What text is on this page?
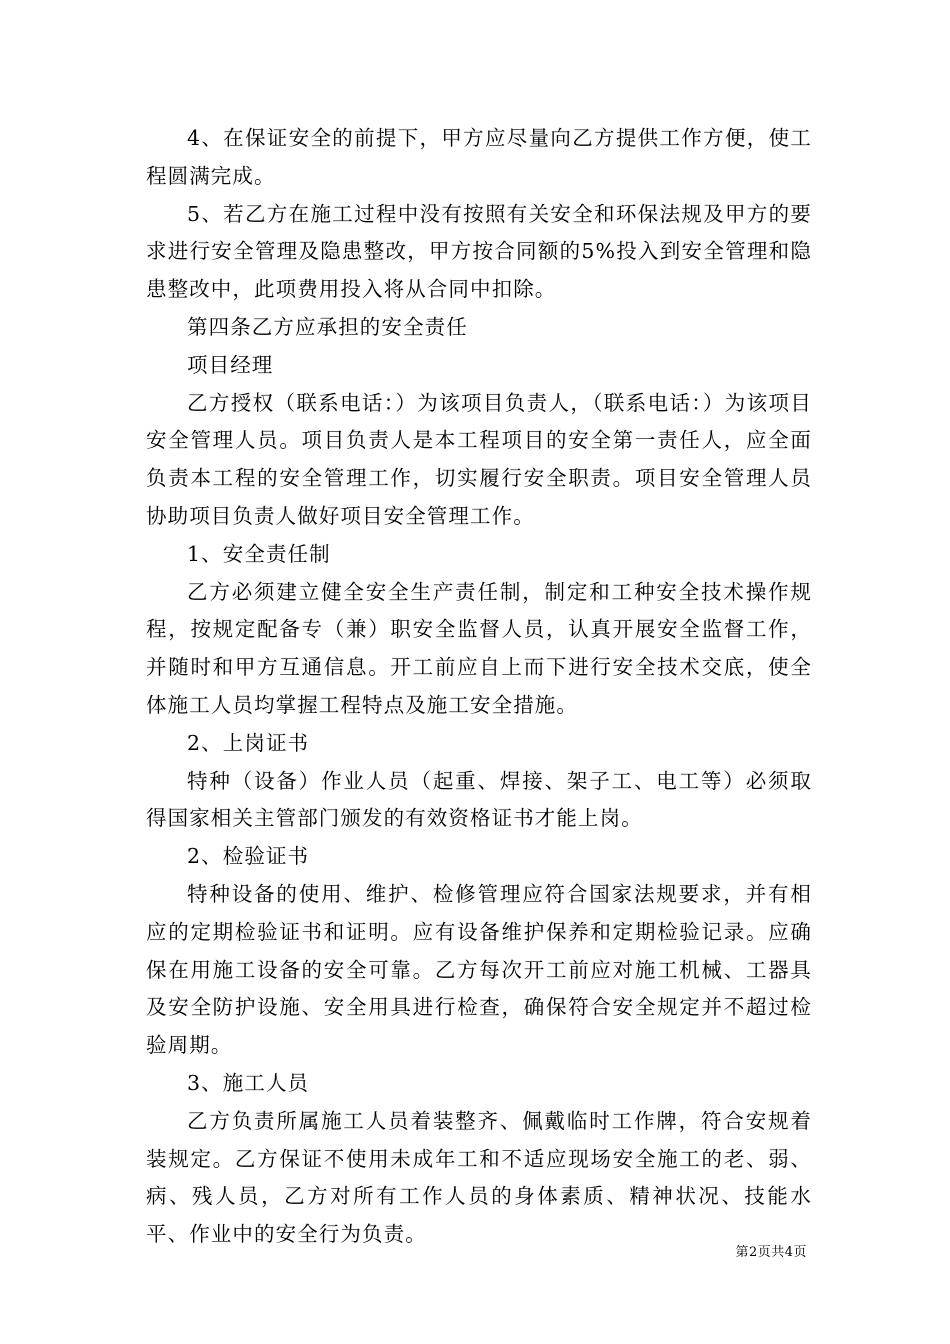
4、在保证安全的前提下，甲方应尽量向乙方提供工作方便，使工程圆满完成。

5、若乙方在施工过程中没有按照有关安全和环保法规及甲方的要求进行安全管理及隐患整改，甲方按合同额的5%投入到安全管理和隐患整改中，此项费用投入将从合同中扣除。

第四条乙方应承担的安全责任

项目经理

乙方授权（联系电话：）为该项目负责人，（联系电话：）为该项目安全管理人员。项目负责人是本工程项目的安全第一责任人，应全面负责本工程的安全管理工作，切实履行安全职责。项目安全管理人员协助项目负责人做好项目安全管理工作。

1、安全责任制

乙方必须建立健全安全生产责任制，制定和工种安全技术操作规程，按规定配备专（兼）职安全监督人员，认真开展安全监督工作，并随时和甲方互通信息。开工前应自上而下进行安全技术交底，使全体施工人员均掌握工程特点及施工安全措施。

2、上岗证书

特种（设备）作业人员（起重、焊接、架子工、电工等）必须取得国家相关主管部门颁发的有效资格证书才能上岗。

2、检验证书

特种设备的使用、维护、检修管理应符合国家法规要求，并有相应的定期检验证书和证明。应有设备维护保养和定期检验记录。应确保在用施工设备的安全可靠。乙方每次开工前应对施工机械、工器具及安全防护设施、安全用具进行检查，确保符合安全规定并不超过检验周期。

3、施工人员

乙方负责所属施工人员着装整齐、佩戴临时工作牌，符合安规着装规定。乙方保证不使用未成年工和不适应现场安全施工的老、弱、病、残人员，乙方对所有工作人员的身体素质、精神状况、技能水平、作业中的安全行为负责。

第2页共4页
